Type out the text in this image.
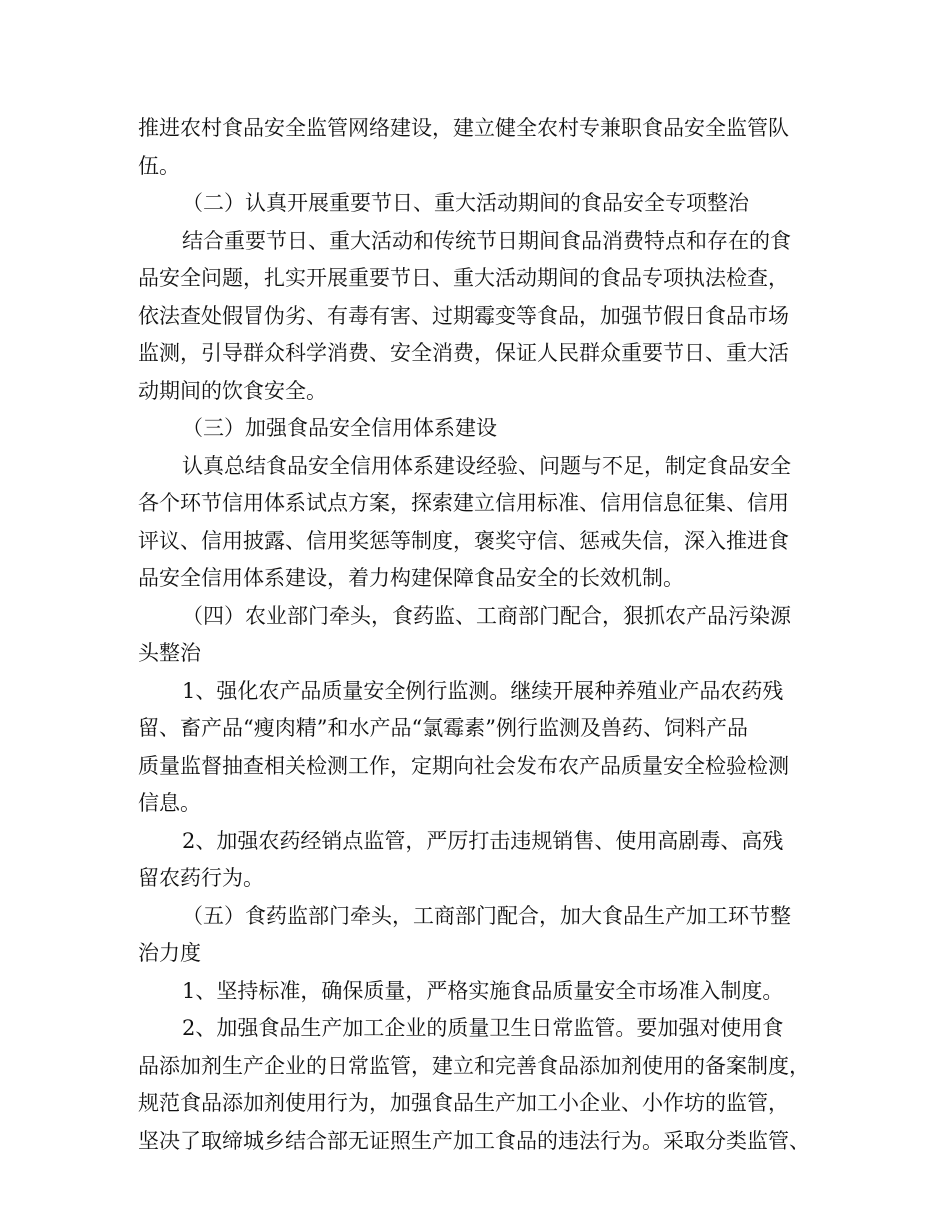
推进农村食品安全监管网络建设，建立健全农村专兼职食品安全监管队
伍。
（二）认真开展重要节日、重大活动期间的食品安全专项整治
结合重要节日、重大活动和传统节日期间食品消费特点和存在的食
品安全问题，扎实开展重要节日、重大活动期间的食品专项执法检查，
依法查处假冒伪劣、有毒有害、过期霉变等食品，加强节假日食品市场
监测，引导群众科学消费、安全消费，保证人民群众重要节日、重大活
动期间的饮食安全。
（三）加强食品安全信用体系建设
认真总结食品安全信用体系建设经验、问题与不足，制定食品安全
各个环节信用体系试点方案，探索建立信用标准、信用信息征集、信用
评议、信用披露、信用奖惩等制度，褒奖守信、惩戒失信，深入推进食
品安全信用体系建设，着力构建保障食品安全的长效机制。
（四）农业部门牵头，食药监、工商部门配合，狠抓农产品污染源
头整治
1、强化农产品质量安全例行监测。继续开展种养殖业产品农药残
留、畜产品“瘦肉精”和水产品“氯霉素”例行监测及兽药、饲料产品
质量监督抽查相关检测工作，定期向社会发布农产品质量安全检验检测
信息。
2、加强农药经销点监管，严厉打击违规销售、使用高剧毒、高残
留农药行为。
（五）食药监部门牵头，工商部门配合，加大食品生产加工环节整
治力度
1、坚持标准，确保质量，严格实施食品质量安全市场准入制度。
2、加强食品生产加工企业的质量卫生日常监管。要加强对使用食
品添加剂生产企业的日常监管，建立和完善食品添加剂使用的备案制度，
规范食品添加剂使用行为，加强食品生产加工小企业、小作坊的监管，
坚决了取缔城乡结合部无证照生产加工食品的违法行为。采取分类监管、
